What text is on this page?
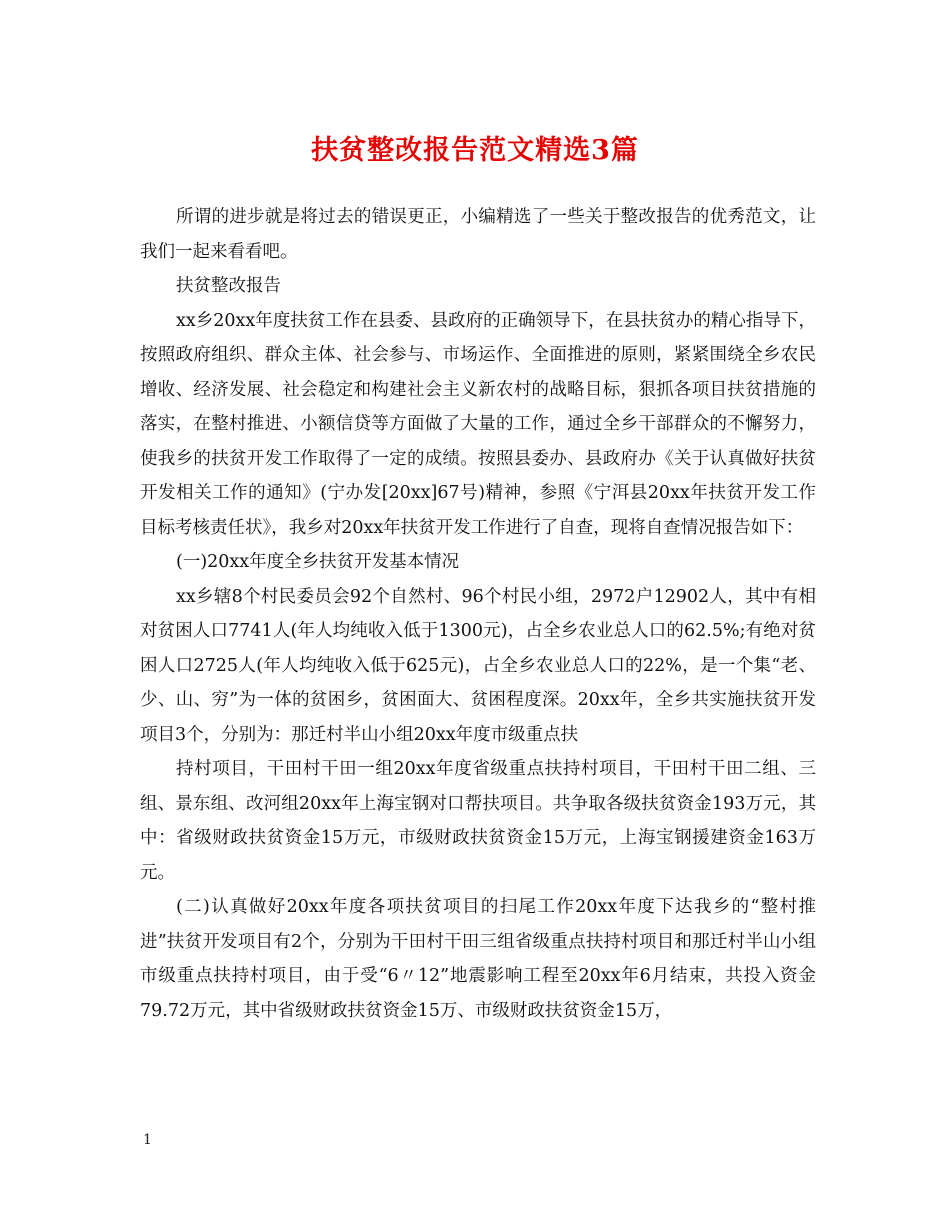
扶贫整改报告范文精选3篇

所谓的进步就是将过去的错误更正，小编精选了一些关于整改报告的优秀范文，让我们一起来看看吧。

扶贫整改报告

xx乡20xx年度扶贫工作在县委、县政府的正确领导下，在县扶贫办的精心指导下，按照政府组织、群众主体、社会参与、市场运作、全面推进的原则，紧紧围绕全乡农民增收、经济发展、社会稳定和构建社会主义新农村的战略目标，狠抓各项目扶贫措施的落实，在整村推进、小额信贷等方面做了大量的工作，通过全乡干部群众的不懈努力，使我乡的扶贫开发工作取得了一定的成绩。按照县委办、县政府办《关于认真做好扶贫开发相关工作的通知》(宁办发[20xx]67号)精神，参照《宁洱县20xx年扶贫开发工作目标考核责任状》，我乡对20xx年扶贫开发工作进行了自查，现将自查情况报告如下：

(一)20xx年度全乡扶贫开发基本情况

xx乡辖8个村民委员会92个自然村、96个村民小组，2972户12902人，其中有相对贫困人口7741人(年人均纯收入低于1300元)，占全乡农业总人口的62.5%;有绝对贫困人口2725人(年人均纯收入低于625元)，占全乡农业总人口的22%，是一个集“老、少、山、穷”为一体的贫困乡，贫困面大、贫困程度深。20xx年，全乡共实施扶贫开发项目3个，分别为：那迁村半山小组20xx年度市级重点扶

持村项目，干田村干田一组20xx年度省级重点扶持村项目，干田村干田二组、三组、景东组、改河组20xx年上海宝钢对口帮扶项目。共争取各级扶贫资金193万元，其中：省级财政扶贫资金15万元，市级财政扶贫资金15万元，上海宝钢援建资金163万元。

(二)认真做好20xx年度各项扶贫项目的扫尾工作20xx年度下达我乡的“整村推进”扶贫开发项目有2个，分别为干田村干田三组省级重点扶持村项目和那迁村半山小组市级重点扶持村项目，由于受“6〃12”地震影响工程至20xx年6月结束，共投入资金79.72万元，其中省级财政扶贫资金15万、市级财政扶贫资金15万，

1
